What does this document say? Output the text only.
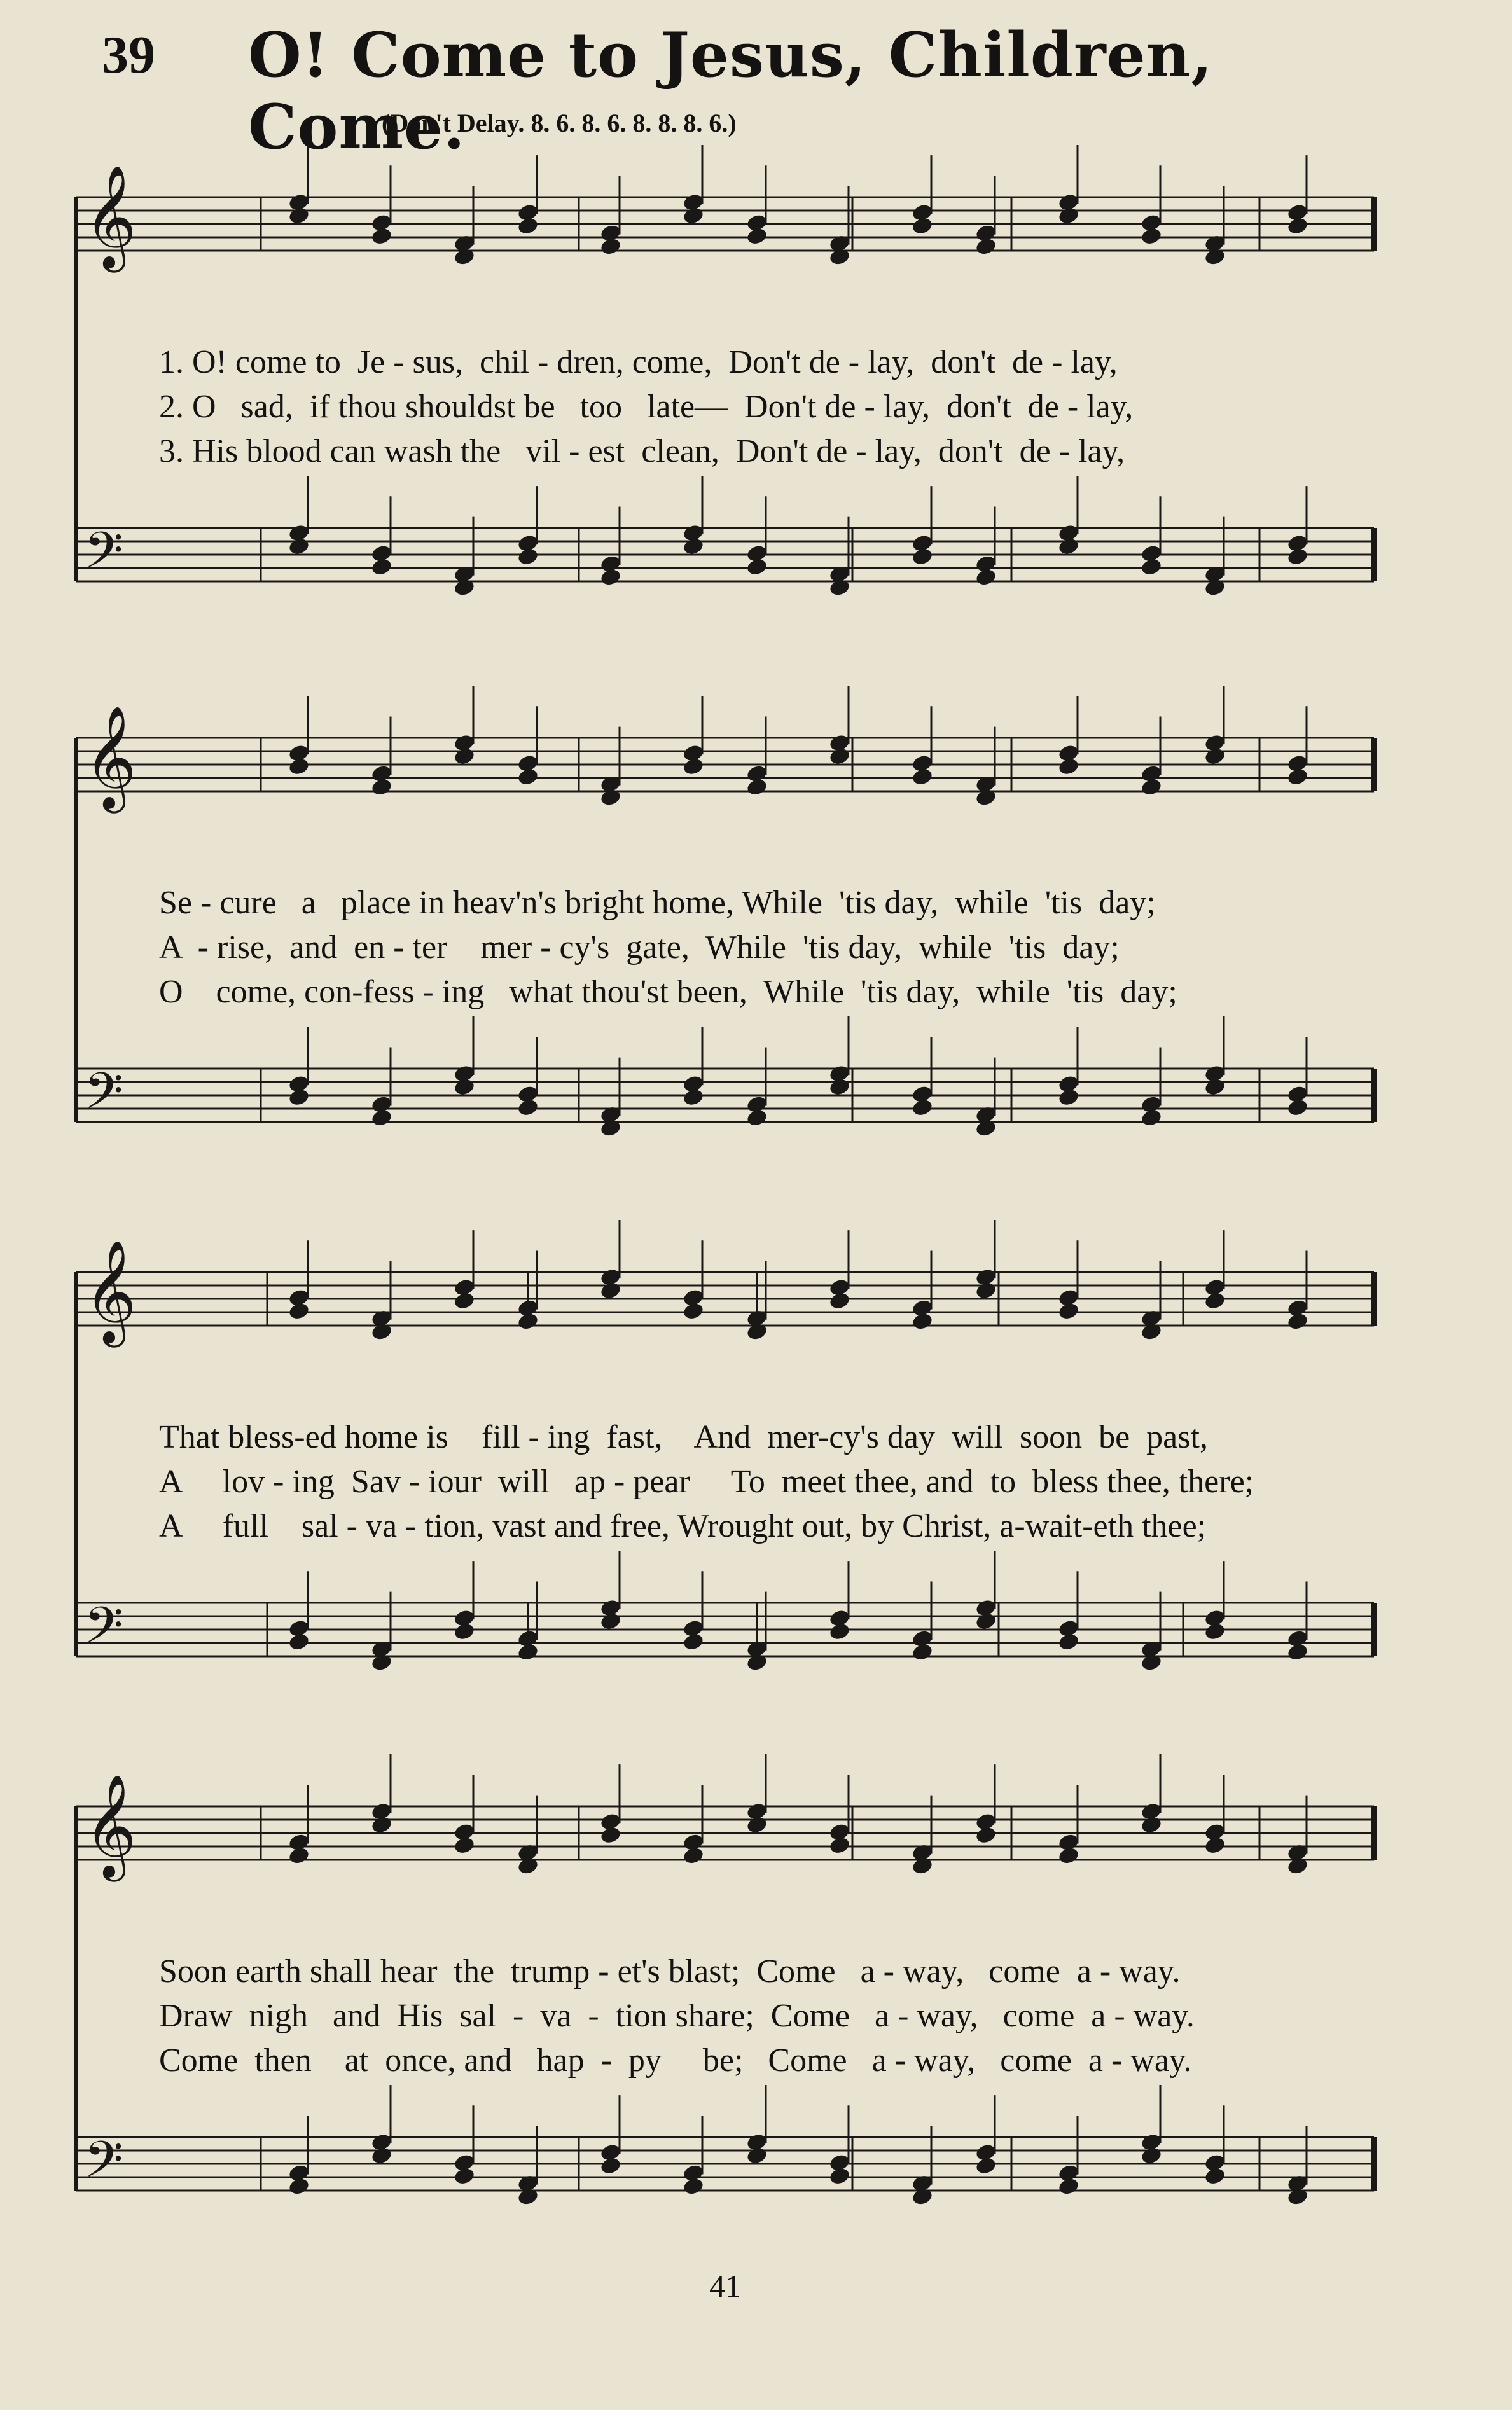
39 O! Come to Jesus, Children, Come.
(Don't Delay. 8. 6. 8. 6. 8. 8. 8. 6.)
𝄞
𝄢
1. O! come to  Je - sus,  chil - dren, come,  Don't de - lay,  don't  de - lay,
2. O   sad,  if thou shouldst be   too   late—  Don't de - lay,  don't  de - lay,
3. His blood can wash the   vil - est  clean,  Don't de - lay,  don't  de - lay,
𝄞
𝄢
Se - cure   a   place in heav'n's bright home, While  'tis day,  while  'tis  day;
A  - rise,  and  en - ter    mer - cy's  gate,  While  'tis day,  while  'tis  day;
O    come, con-fess - ing   what thou'st been,  While  'tis day,  while  'tis  day;
𝄞
𝄢
That bless-ed home is    fill - ing  fast,    And  mer-cy's day  will  soon  be  past,
A     lov - ing  Sav - iour  will   ap - pear     To  meet thee, and  to  bless thee, there;
A     full    sal - va - tion, vast and free, Wrought out, by Christ, a-wait-eth thee;
𝄞
𝄢
Soon earth shall hear  the  trump - et's blast;  Come   a - way,   come  a - way.
Draw  nigh   and  His  sal  -  va  -  tion share;  Come   a - way,   come  a - way.
Come  then    at  once, and   hap  -  py     be;   Come   a - way,   come  a - way.
41
